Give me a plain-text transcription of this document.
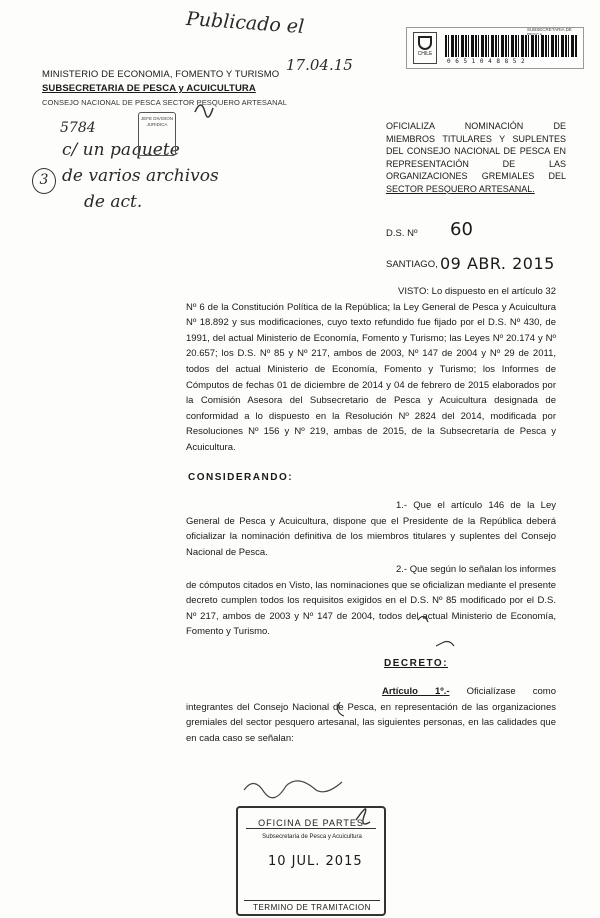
Publicado el
17.04.15
5784
c/ un paquete
de varios archivos
de act.
3
CHILE
SUBSECRETARIA DE
0 6 5 1 0 4 8 8 5 2
MINISTERIO DE ECONOMIA, FOMENTO Y TURISMO
SUBSECRETARIA DE PESCA y ACUICULTURA
CONSEJO NACIONAL DE PESCA SECTOR PESQUERO ARTESANAL
JEFE DIVISION JURIDICA	OFICIALIZA NOMINACIÓN DE
MIEMBROS TITULARES Y SUPLENTES
DEL CONSEJO NACIONAL DE PESCA EN
REPRESENTACIÓN DE LAS
ORGANIZACIONES GREMIALES DEL
SECTOR PESQUERO ARTESANAL.
D.S. Nº 60
SANTIAGO, 09 ABR. 2015
VISTO: Lo dispuesto en el artículo 32 Nº 6 de la Constitución Política de la República; la Ley General de Pesca y Acuicultura Nº 18.892 y sus modificaciones, cuyo texto refundido fue fijado por el D.S. Nº 430, de 1991, del actual Ministerio de Economía, Fomento y Turismo; las Leyes Nº 20.174 y Nº 20.657; los D.S. Nº 85 y Nº 217, ambos de 2003, Nº 147 de 2004 y Nº 29 de 2011, todos del actual Ministerio de Economía, Fomento y Turismo; los Informes de Cómputos de fechas 01 de diciembre de 2014 y 04 de febrero de 2015 elaborados por la Comisión Asesora del Subsecretario de Pesca y Acuicultura designada de conformidad a lo dispuesto en la Resolución Nº 2824 del 2014, modificada por Resoluciones Nº 156 y Nº 219, ambas de 2015, de la Subsecretaría de Pesca y Acuicultura.
CONSIDERANDO:
1.- Que el artículo 146 de la Ley General de Pesca y Acuicultura, dispone que el Presidente de la República deberá oficializar la nominación definitiva de los miembros titulares y suplentes del Consejo Nacional de Pesca.
2.- Que según lo señalan los informes de cómputos citados en Visto, las nominaciones que se oficializan mediante el presente decreto cumplen todos los requisitos exigidos en el D.S. Nº 85 modificado por el D.S. Nº 217, ambos de 2003 y Nº 147 de 2004, todos del actual Ministerio de Economía, Fomento y Turismo.
DECRETO:
Artículo 1º.- Oficialízase como integrantes del Consejo Nacional de Pesca, en representación de las organizaciones gremiales del sector pesquero artesanal, las siguientes personas, en las calidades que en cada caso se señalan:
OFICINA DE PARTES
Subsecretaría de Pesca y Acuicultura
10 JUL. 2015
TERMINO DE TRAMITACION
